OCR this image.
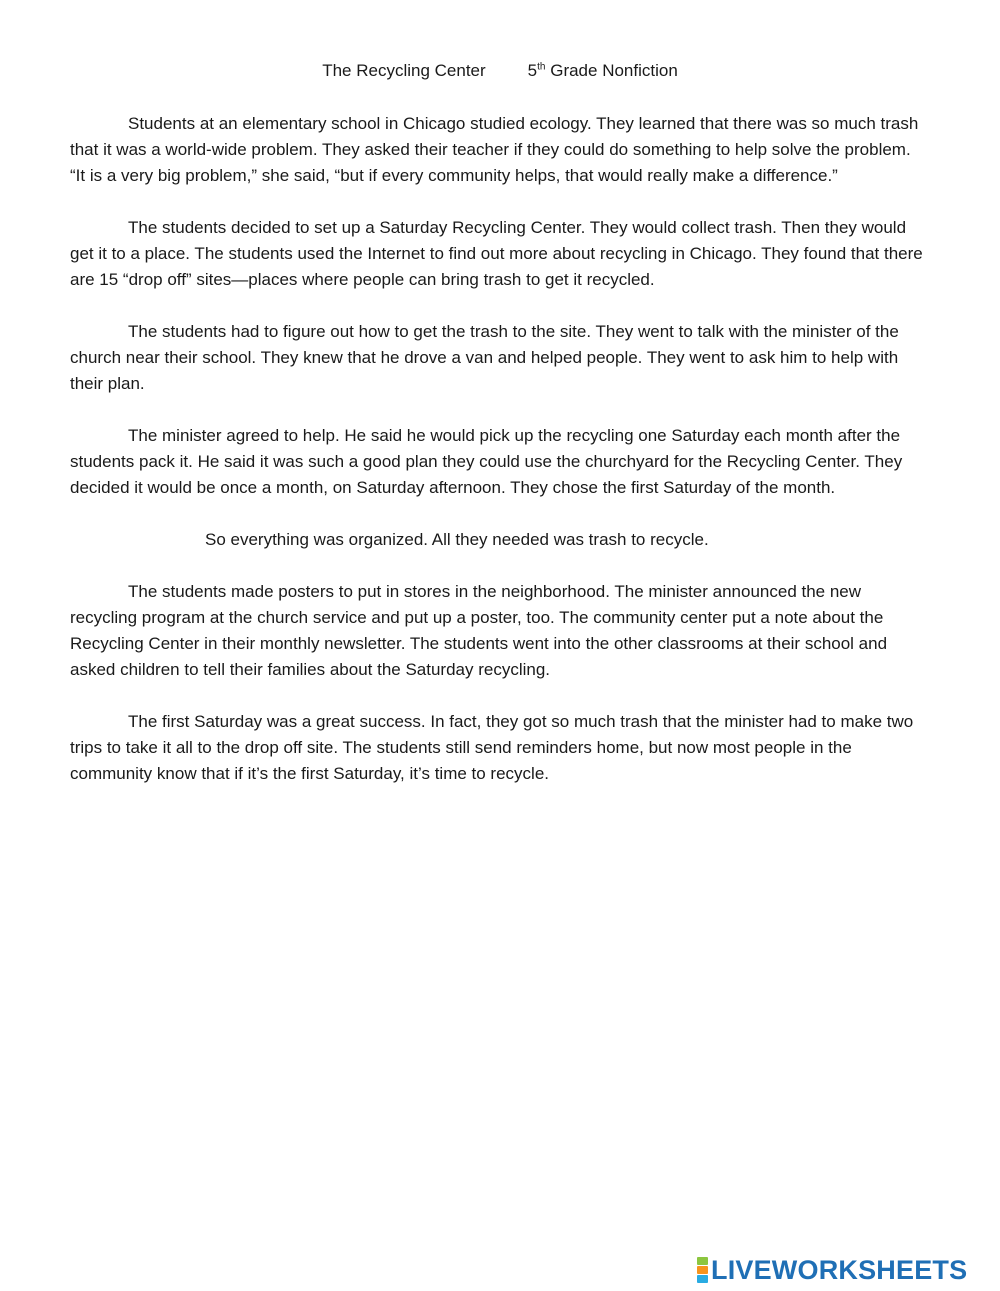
The Recycling Center 5th Grade Nonfiction

Students at an elementary school in Chicago studied ecology. They learned that there was so much trash that it was a world-wide problem. They asked their teacher if they could do something to help solve the problem. “It is a very big problem,” she said, “but if every community helps, that would really make a difference.”

The students decided to set up a Saturday Recycling Center. They would collect trash. Then they would get it to a place. The students used the Internet to find out more about recycling in Chicago. They found that there are 15 “drop off” sites—places where people can bring trash to get it recycled.

The students had to figure out how to get the trash to the site. They went to talk with the minister of the church near their school. They knew that he drove a van and helped people. They went to ask him to help with their plan.

The minister agreed to help. He said he would pick up the recycling one Saturday each month after the students pack it. He said it was such a good plan they could use the churchyard for the Recycling Center. They decided it would be once a month, on Saturday afternoon. They chose the first Saturday of the month.

So everything was organized. All they needed was trash to recycle.

The students made posters to put in stores in the neighborhood. The minister announced the new recycling program at the church service and put up a poster, too. The community center put a note about the Recycling Center in their monthly newsletter. The students went into the other classrooms at their school and asked children to tell their families about the Saturday recycling.

The first Saturday was a great success. In fact, they got so much trash that the minister had to make two trips to take it all to the drop off site. The students still send reminders home, but now most people in the community know that if it’s the first Saturday, it’s time to recycle.

LIVEWORKSHEETS
